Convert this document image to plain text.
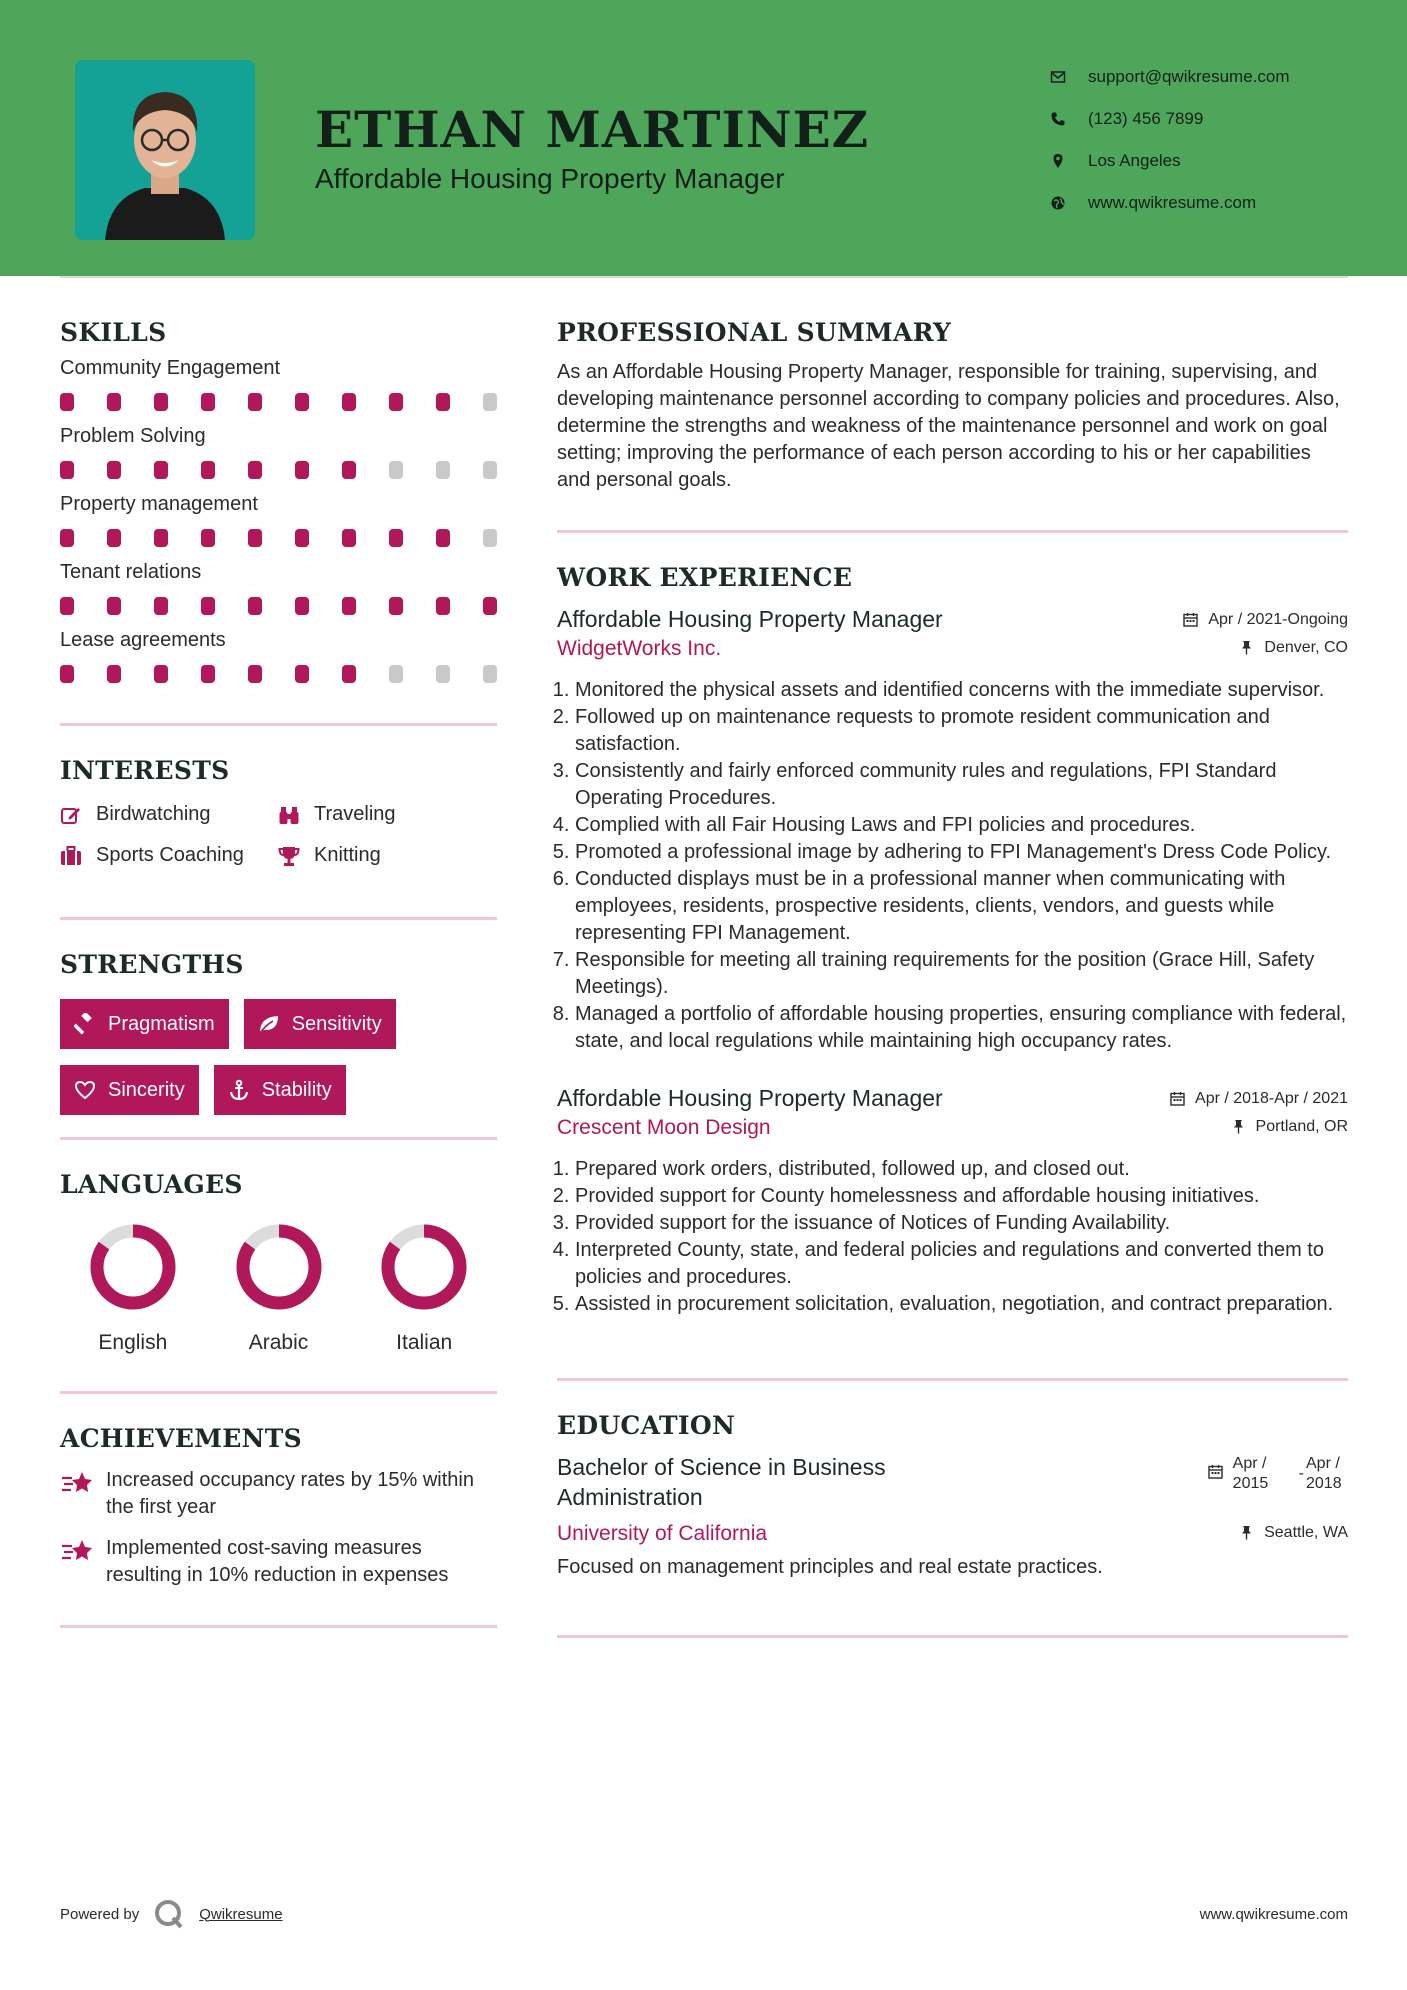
ETHAN MARTINEZ
Affordable Housing Property Manager
support@qwikresume.com
(123) 456 7899
Los Angeles
www.qwikresume.com
SKILLS
Community Engagement
Problem Solving
Property management
Tenant relations
Lease agreements
INTERESTS
Birdwatching	Traveling
Sports Coaching	Knitting
STRENGTHS
Pragmatism	Sensitivity
Sincerity	Stability
LANGUAGES
English	Arabic	Italian
ACHIEVEMENTS
Increased occupancy rates by 15% within the first year
Implemented cost-saving measures resulting in 10% reduction in expenses
PROFESSIONAL SUMMARY
As an Affordable Housing Property Manager, responsible for training, supervising, and developing maintenance personnel according to company policies and procedures. Also, determine the strengths and weakness of the maintenance personnel and work on goal setting; improving the performance of each person according to his or her capabilities and personal goals.
WORK EXPERIENCE
Affordable Housing Property Manager	Apr / 2021-Ongoing
WidgetWorks Inc.	Denver, CO
1. Monitored the physical assets and identified concerns with the immediate supervisor.
2. Followed up on maintenance requests to promote resident communication and satisfaction.
3. Consistently and fairly enforced community rules and regulations, FPI Standard Operating Procedures.
4. Complied with all Fair Housing Laws and FPI policies and procedures.
5. Promoted a professional image by adhering to FPI Management's Dress Code Policy.
6. Conducted displays must be in a professional manner when communicating with employees, residents, prospective residents, clients, vendors, and guests while representing FPI Management.
7. Responsible for meeting all training requirements for the position (Grace Hill, Safety Meetings).
8. Managed a portfolio of affordable housing properties, ensuring compliance with federal, state, and local regulations while maintaining high occupancy rates.
Affordable Housing Property Manager	Apr / 2018-Apr / 2021
Crescent Moon Design	Portland, OR
1. Prepared work orders, distributed, followed up, and closed out.
2. Provided support for County homelessness and affordable housing initiatives.
3. Provided support for the issuance of Notices of Funding Availability.
4. Interpreted County, state, and federal policies and regulations and converted them to policies and procedures.
5. Assisted in procurement solicitation, evaluation, negotiation, and contract preparation.
EDUCATION
Bachelor of Science in Business Administration
Apr / 2015
-
Apr / 2018
University of California	Seattle, WA
Focused on management principles and real estate practices.
Powered by	Qwikresume	www.qwikresume.com
